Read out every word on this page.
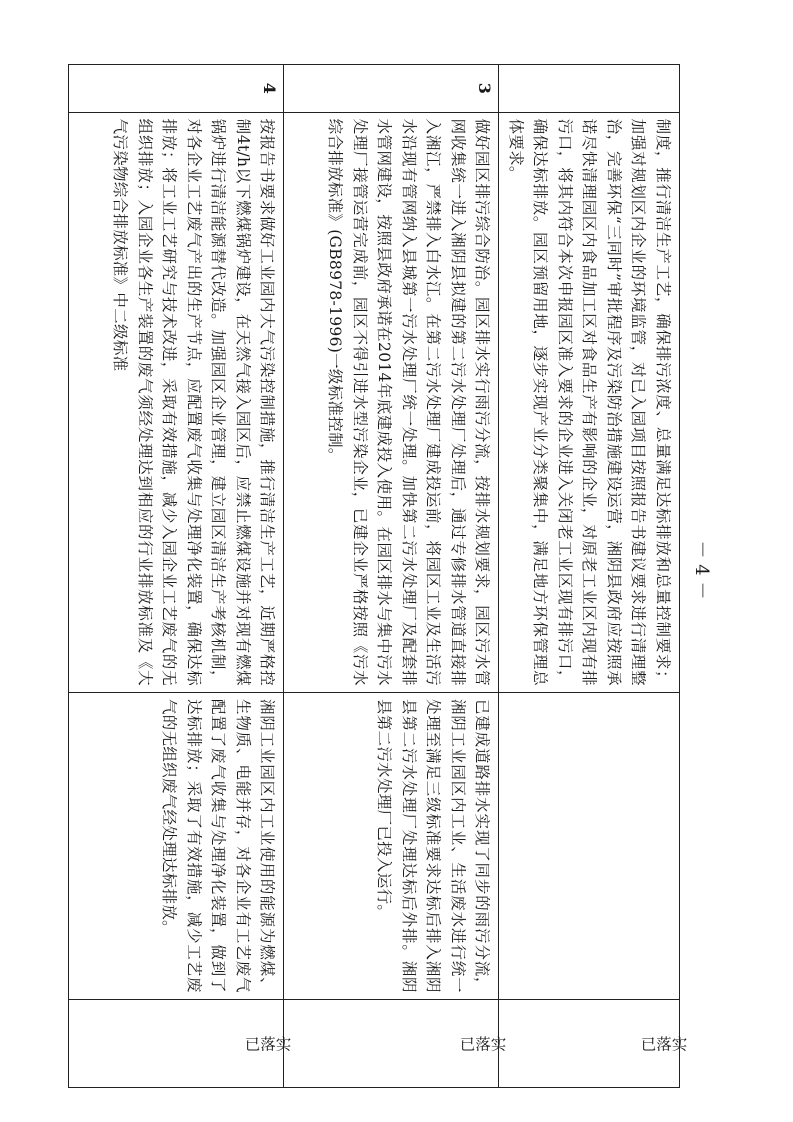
	制度，推行清洁生产工艺，确保排污浓度、总量满足达标排放和总量控制要求；加强对规划区内企业的环境监管，对已入园项目按照报告书建议要求进行清理整治，完善环保“三同时”审批程序及污染防治措施建设运营，湘阴县政府应按照承诺尽快清理园区内食品加工区对食品生产有影响的企业，对原老工业区内现有排污口，将其内符合本次申报园区准入要求的企业进入关闭老工业区现有排污口，确保达标排放。园区预留用地，逐步实现产业分类聚集中，满足地方环保管理总体要求。		已落实
3	做好园区排污综合防治。园区排水实行雨污分流，按排水规划要求，园区污水管网收集统一进入湘阴县拟建的第二污水处理厂处理后，通过专修排水管道直接排入湘江，严禁排入白水江。在第二污水处理厂建成投运前，将园区工业及生活污水沿现有管网纳入县城第一污水处理厂统一处理。加快第二污水处理厂及配套排水管网建设，按照县政府承诺在2014年底建成投入使用。在园区排水与集中污水处理厂接管运营完成前，园区不得引进水型污染企业，已建企业严格按照《污水综合排放标准》(GB8978-1996)一级标准控制。	已建成道路排水实现了同步的雨污分流，湘阴工业园区内工业、生活废水进行统一处理至满足三级标准要求达标后排入湘阴县第二污水处理厂处理达标后外排。湘阴县第二污水处理厂已投入运行。	已落实
4	按报告书要求做好工业园内大气污染控制措施，推行清洁生产工艺，近期严格控制4t/h以下燃煤锅炉建设，在天然气接入园区后，应禁止燃煤设施并对现有燃煤锅炉进行清洁能源替代改造。加强园区企业管理，建立园区清洁生产考核机制，对各企业工艺废气产出的生产节点，应配置废气收集与处理净化装置，确保达标排放；将工业工艺研究与技术改进，采取有效措施，减少入园企业工艺废气的无组织排放；入园企业各生产装置的废气须经处理达到相应的行业排放标准及《大气污染物综合排放标准》中二级标准	湘阴工业园区内工业使用的能源为燃煤、生物质、电能并存，对各企业有工艺废气配置了废气收集与处理净化装置，做到了达标排放；采取了有效措施，减少工艺废气的无组织废气经处理达标排放。	已落实
－ 4 －
